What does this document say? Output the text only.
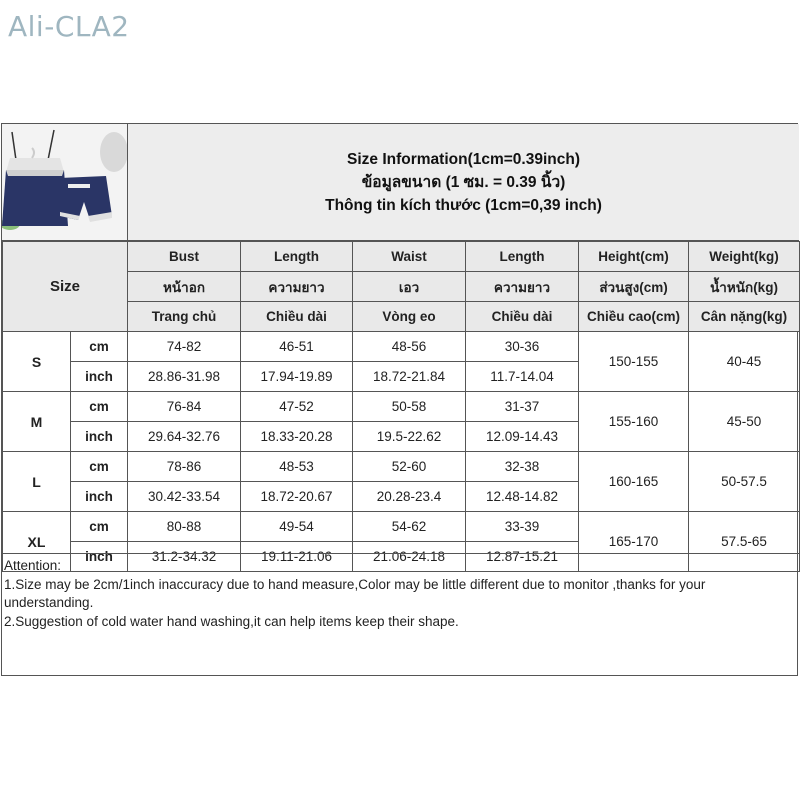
Ali-CLA2
Size Information(1cm=0.39inch)
ข้อมูลขนาด (1 ซม. = 0.39 นิ้ว)
Thông tin kích thước (1cm=0,39 inch)
Size		Bust	Length	Waist	Length	Height(cm)	Weight(kg)
		หน้าอก	ความยาว	เอว	ความยาว	ส่วนสูง(cm)	น้ำหนัก(kg)
		Trang chủ	Chiều dài	Vòng eo	Chiều dài	Chiều cao(cm)	Cân nặng(kg)
S	cm	74-82	46-51	48-56	30-36	150-155	40-45
	inch	28.86-31.98	17.94-19.89	18.72-21.84	11.7-14.04		
M	cm	76-84	47-52	50-58	31-37	155-160	45-50
	inch	29.64-32.76	18.33-20.28	19.5-22.62	12.09-14.43		
L	cm	78-86	48-53	52-60	32-38	160-165	50-57.5
	inch	30.42-33.54	18.72-20.67	20.28-23.4	12.48-14.82		
XL	cm	80-88	49-54	54-62	33-39	165-170	57.5-65
	inch	31.2-34.32	19.11-21.06	21.06-24.18	12.87-15.21		
Attention:
1.Size may be 2cm/1inch inaccuracy due to hand measure,Color may be little different due to monitor ,thanks for your understanding.
2.Suggestion of cold water hand washing,it can help items keep their shape.
